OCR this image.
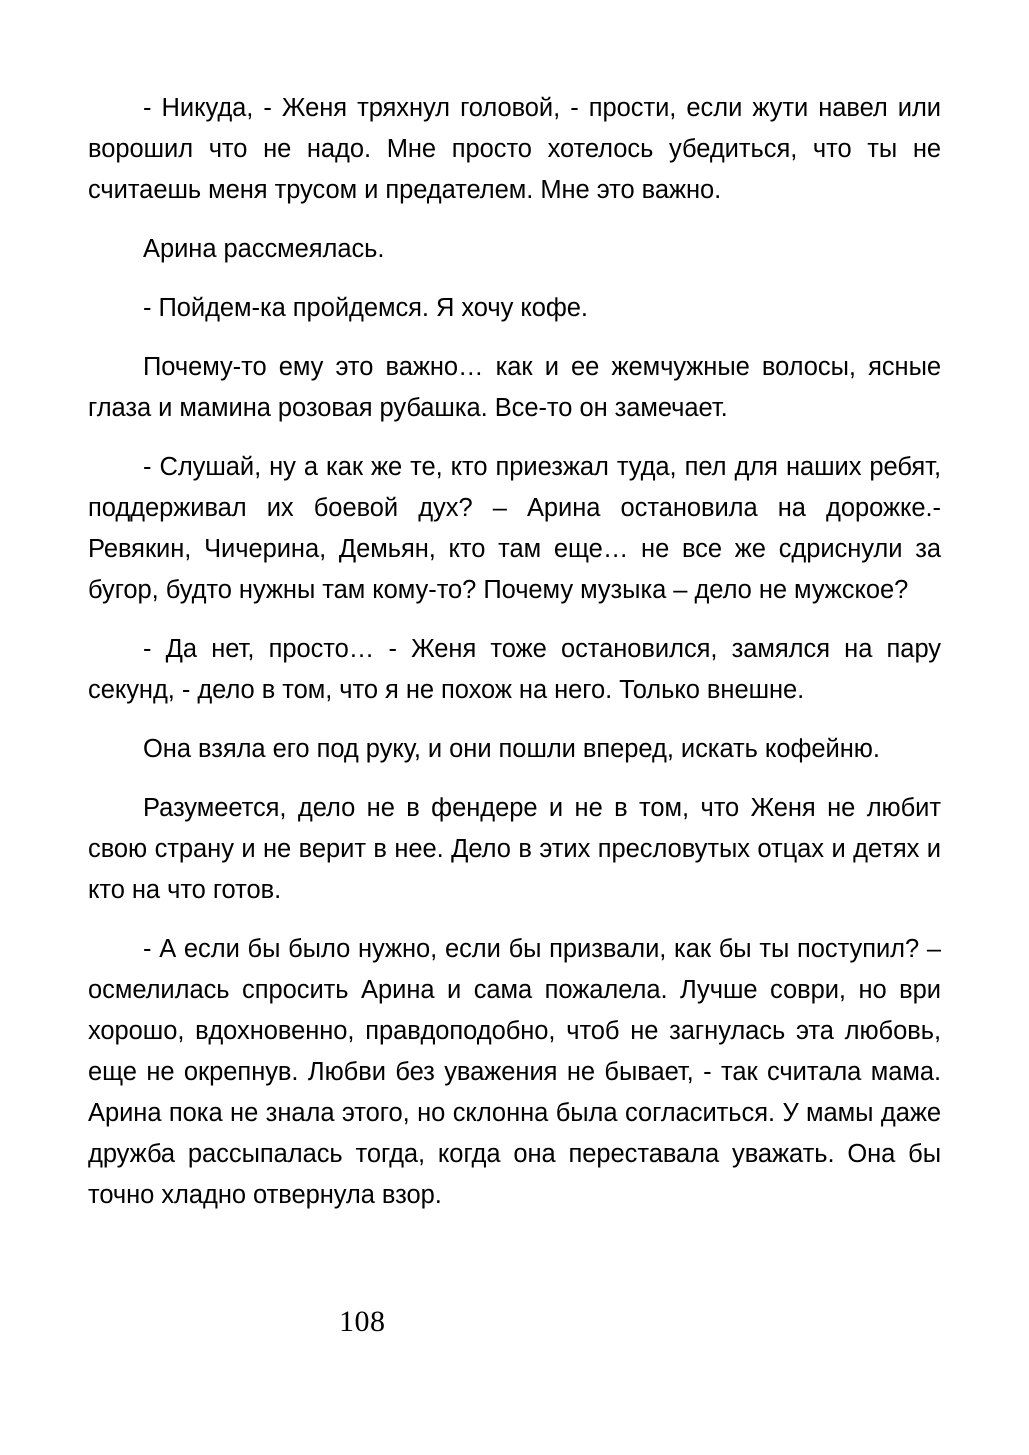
- Никуда, - Женя тряхнул головой, - прости, если жути навел или ворошил что не надо. Мне просто хотелось убедиться, что ты не считаешь меня трусом и предателем. Мне это важно.

Арина рассмеялась.

- Пойдем-ка пройдемся. Я хочу кофе.

Почему-то ему это важно… как и ее жемчужные волосы, ясные глаза и мамина розовая рубашка. Все-то он замечает.

- Слушай, ну а как же те, кто приезжал туда, пел для наших ребят, поддерживал их боевой дух? – Арина остановила на дорожке.- Ревякин, Чичерина, Демьян, кто там еще… не все же сдриснули за бугор, будто нужны там кому-то? Почему музыка – дело не мужское?

- Да нет, просто… - Женя тоже остановился, замялся на пару секунд, - дело в том, что я не похож на него. Только внешне.

Она взяла его под руку, и они пошли вперед, искать кофейню.

Разумеется, дело не в фендере и не в том, что Женя не любит свою страну и не верит в нее. Дело в этих пресловутых отцах и детях и кто на что готов.

- А если бы было нужно, если бы призвали, как бы ты поступил? – осмелилась спросить Арина и сама пожалела. Лучше соври, но ври хорошо, вдохновенно, правдоподобно, чтоб не загнулась эта любовь, еще не окрепнув. Любви без уважения не бывает, - так считала мама. Арина пока не знала этого, но склонна была согласиться. У мамы даже дружба рассыпалась тогда, когда она переставала уважать. Она бы точно хладно отвернула взор.

108
